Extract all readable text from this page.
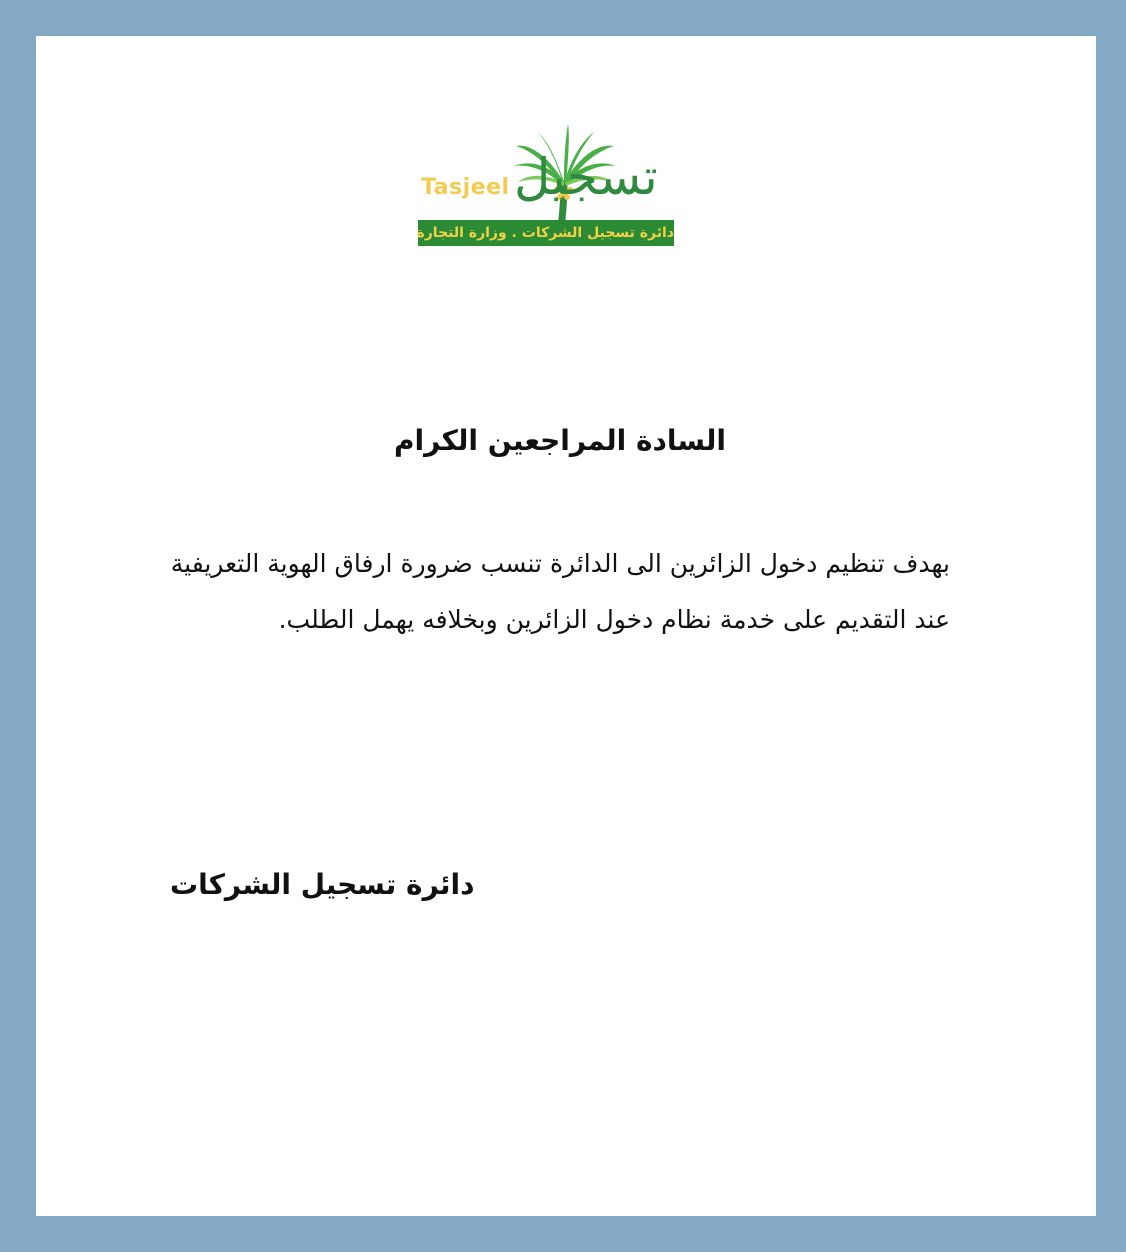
Tasjeel تسجيل
دائرة تسجيل الشركات . وزارة التجارة
السادة المراجعين الكرام
بهدف تنظيم دخول الزائرين الى الدائرة تنسب ضرورة ارفاق الهوية التعريفية عند التقديم على خدمة نظام دخول الزائرين وبخلافه يهمل الطلب.
دائرة تسجيل الشركات
